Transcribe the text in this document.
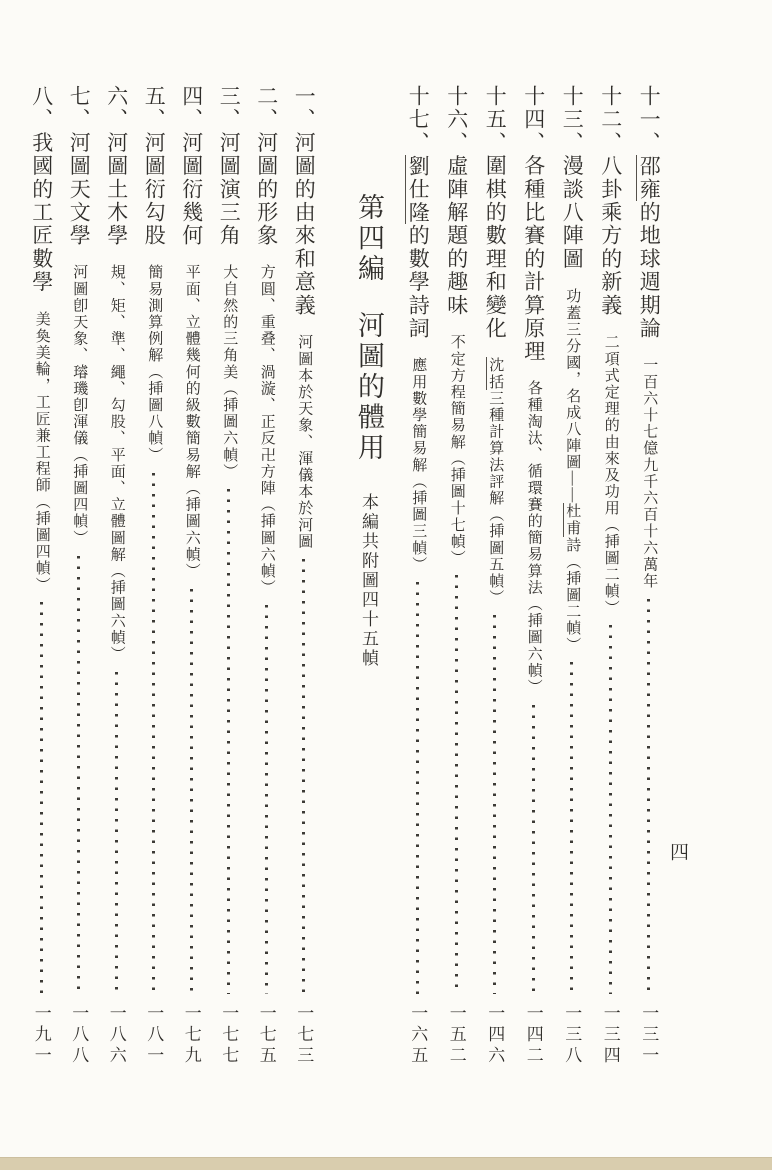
十一、邵雍的地球週期論
一百六十七億九千六百十六萬年
一三一
十二、八卦乘方的新義
二項式定理的由來及功用（挿圖二幀）
一三四
十三、漫談八陣圖
功蓋三分國，名成八陣圖——杜甫詩（挿圖二幀）
一三八
十四、各種比賽的計算原理
各種淘汰、循環賽的簡易算法（挿圖六幀）
一四二
十五、圍棋的數理和變化
沈括三種計算法評解（挿圖五幀）
一四六
十六、虛陣解題的趣味
不定方程簡易解（挿圖十七幀）
一五二
十七、劉仕隆的數學詩詞
應用數學簡易解（挿圖三幀）
一六五
第四編
河圖的體用
本編共附圖四十五幀
一、河圖的由來和意義
河圖本於天象、渾儀本於河圖
一七三
二、河圖的形象
方圓、重叠、渦漩、正反卍方陣（挿圖六幀）
一七五
三、河圖演三角
大自然的三角美（挿圖六幀）
一七七
四、河圖衍幾何
平面、立體幾何的級數簡易解（挿圖六幀）
一七九
五、河圖衍勾股
簡易測算例解（挿圖八幀）
一八一
六、河圖土木學
規、矩、準、繩、勾股、平面、立體圖解（挿圖六幀）
一八六
七、河圖天文學
河圖卽天象、璿璣卽渾儀（挿圖四幀）
一八八
八、我國的工匠數學
美奐美輪，工匠兼工程師（挿圖四幀）
一九一
四
